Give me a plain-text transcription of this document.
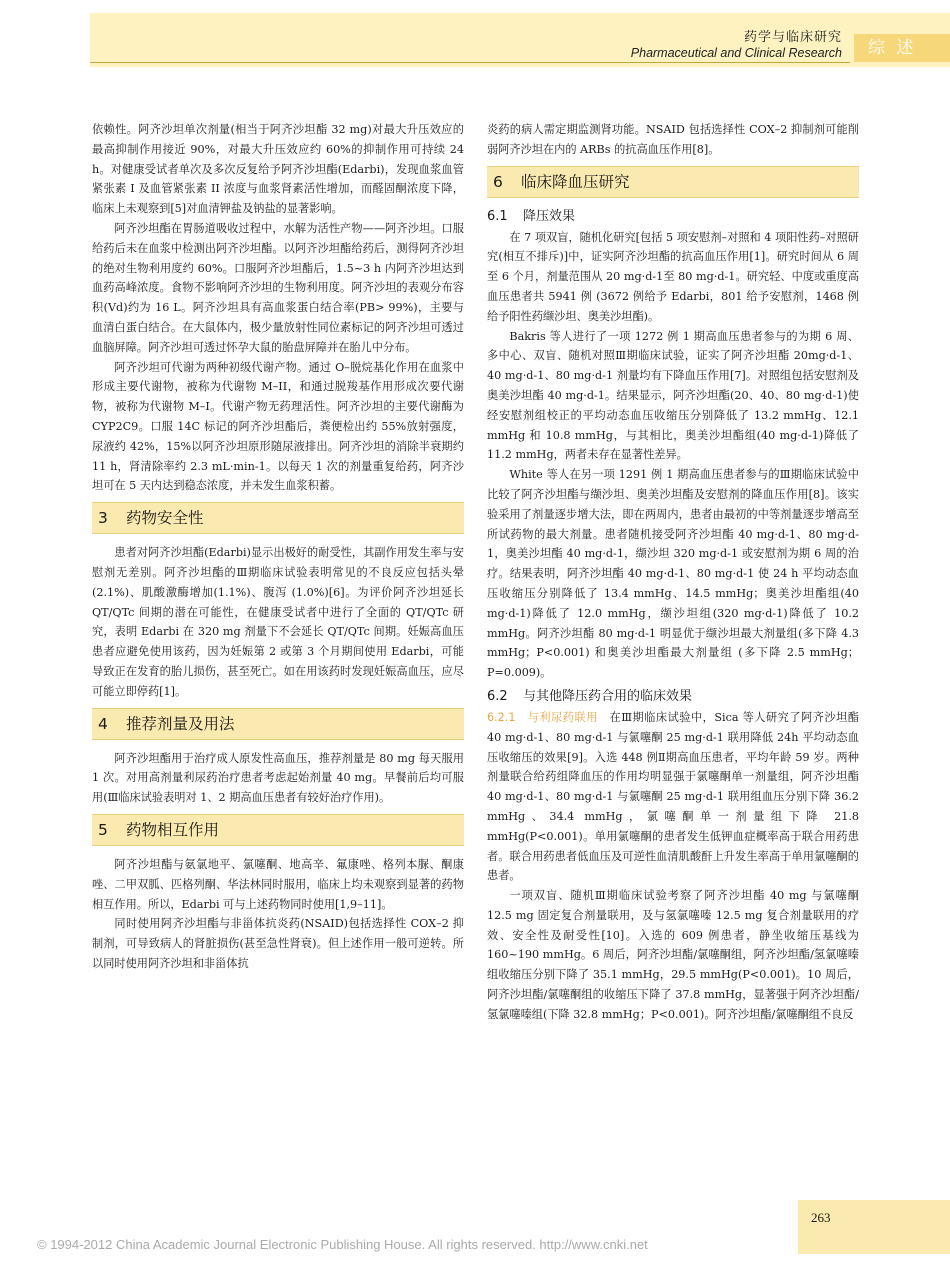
药学与临床研究
Pharmaceutical and Clinical Research	综 述

依赖性。阿齐沙坦单次剂量(相当于阿齐沙坦酯 32 mg)对最大升压效应的最高抑制作用接近 90%，对最大升压效应约 60%的抑制作用可持续 24 h。对健康受试者单次及多次反复给予阿齐沙坦酯(Edarbi)，发现血浆血管紧张素 I 及血管紧张素 II 浓度与血浆肾素活性增加，而醛固酮浓度下降，临床上未观察到[5]对血清钾盐及钠盐的显著影响。

阿齐沙坦酯在胃肠道吸收过程中，水解为活性产物——阿齐沙坦。口服给药后未在血浆中检测出阿齐沙坦酯。以阿齐沙坦酯给药后，测得阿齐沙坦的绝对生物利用度约 60%。口服阿齐沙坦酯后，1.5~3 h 内阿齐沙坦达到血药高峰浓度。食物不影响阿齐沙坦的生物利用度。阿齐沙坦的表观分布容积(Vd)约为 16 L。阿齐沙坦具有高血浆蛋白结合率(PB> 99%)，主要与血清白蛋白结合。在大鼠体内，极少量放射性同位素标记的阿齐沙坦可透过血脑屏障。阿齐沙坦可透过怀孕大鼠的胎盘屏障并在胎儿中分布。

阿齐沙坦可代谢为两种初级代谢产物。通过 O–脱烷基化作用在血浆中形成主要代谢物，被称为代谢物 M–II，和通过脱羧基作用形成次要代谢物，被称为代谢物 M–I。代谢产物无药理活性。阿齐沙坦的主要代谢酶为 CYP2C9。口服 14C 标记的阿齐沙坦酯后，粪便检出约 55%放射强度，尿液约 42%，15%以阿齐沙坦原形随尿液排出。阿齐沙坦的消除半衰期约 11 h，肾清除率约 2.3 mL·min-1。以每天 1 次的剂量重复给药，阿齐沙坦可在 5 天内达到稳态浓度，并未发生血浆积蓄。

3 药物安全性

患者对阿齐沙坦酯(Edarbi)显示出极好的耐受性，其副作用发生率与安慰剂无差别。阿齐沙坦酯的Ⅲ期临床试验表明常见的不良反应包括头晕(2.1%)、肌酸激酶增加(1.1%)、腹泻 (1.0%)[6]。为评价阿齐沙坦延长 QT/QTc 间期的潜在可能性，在健康受试者中进行了全面的 QT/QTc 研究，表明 Edarbi 在 320 mg 剂量下不会延长 QT/QTc 间期。妊娠高血压患者应避免使用该药，因为妊娠第 2 或第 3 个月期间使用 Edarbi，可能导致正在发育的胎儿损伤，甚至死亡。如在用该药时发现妊娠高血压，应尽可能立即停药[1]。

4 推荐剂量及用法

阿齐沙坦酯用于治疗成人原发性高血压，推荐剂量是 80 mg 每天服用 1 次。对用高剂量利尿药治疗患者考虑起始剂量 40 mg。早餐前后均可服用(Ⅲ临床试验表明对 1、2 期高血压患者有较好治疗作用)。

5 药物相互作用

阿齐沙坦酯与氨氯地平、氯噻酮、地高辛、氟康唑、格列本脲、酮康唑、二甲双胍、匹格列酮、华法林同时服用，临床上均未观察到显著的药物相互作用。所以，Edarbi 可与上述药物同时使用[1,9–11]。

同时使用阿齐沙坦酯与非甾体抗炎药(NSAID)包括选择性 COX–2 抑制剂，可导致病人的肾脏损伤(甚至急性肾衰)。但上述作用一般可逆转。所以同时使用阿齐沙坦和非甾体抗

炎药的病人需定期监测肾功能。NSAID 包括选择性 COX–2 抑制剂可能削弱阿齐沙坦在内的 ARBs 的抗高血压作用[8]。

6 临床降血压研究
6.1 降压效果

在 7 项双盲，随机化研究[包括 5 项安慰剂–对照和 4 项阳性药–对照研究(相互不排斥)]中，证实阿齐沙坦酯的抗高血压作用[1]。研究时间从 6 周至 6 个月，剂量范围从 20 mg·d-1至 80 mg·d-1。研究轻、中度或重度高血压患者共 5941 例 (3672 例给予 Edarbi，801 给予安慰剂，1468 例给予阳性药缬沙坦、奥美沙坦酯)。

Bakris 等人进行了一项 1272 例 1 期高血压患者参与的为期 6 周、多中心、双盲、随机对照Ⅲ期临床试验，证实了阿齐沙坦酯 20mg·d-1、40 mg·d-1、80 mg·d-1 剂量均有下降血压作用[7]。对照组包括安慰剂及奥美沙坦酯 40 mg·d-1。结果显示，阿齐沙坦酯(20、40、80 mg·d-1)使经安慰剂组校正的平均动态血压收缩压分别降低了 13.2 mmHg、12.1 mmHg 和 10.8 mmHg，与其相比，奥美沙坦酯组(40 mg·d-1)降低了 11.2 mmHg，两者未存在显著性差异。

White 等人在另一项 1291 例 1 期高血压患者参与的Ⅲ期临床试验中比较了阿齐沙坦酯与缬沙坦、奥美沙坦酯及安慰剂的降血压作用[8]。该实验采用了剂量逐步增大法，即在两周内，患者由最初的中等剂量逐步增高至所试药物的最大剂量。患者随机接受阿齐沙坦酯 40 mg·d-1、80 mg·d-1，奥美沙坦酯 40 mg·d-1，缬沙坦 320 mg·d-1 或安慰剂为期 6 周的治疗。结果表明，阿齐沙坦酯 40 mg·d-1、80 mg·d-1 使 24 h 平均动态血压收缩压分别降低了 13.4 mmHg、14.5 mmHg；奥美沙坦酯组(40 mg·d-1)降低了 12.0 mmHg，缬沙坦组(320 mg·d-1)降低了 10.2 mmHg。阿齐沙坦酯 80 mg·d-1 明显优于缬沙坦最大剂量组(多下降 4.3 mmHg；P<0.001) 和奥美沙坦酯最大剂量组 (多下降 2.5 mmHg；P=0.009)。

6.2 与其他降压药合用的临床效果

6.2.1　与利尿药联用　 在Ⅲ期临床试验中，Sica 等人研究了阿齐沙坦酯 40 mg·d-1、80 mg·d-1 与氯噻酮 25 mg·d-1 联用降低 24h 平均动态血压收缩压的效果[9]。入选 448 例Ⅱ期高血压患者，平均年龄 59 岁。两种剂量联合给药组降血压的作用均明显强于氯噻酮单一剂量组，阿齐沙坦酯 40 mg·d-1、80 mg·d-1 与氯噻酮 25 mg·d-1 联用组血压分别下降 36.2 mmHg、34.4 mmHg，氯噻酮单一剂量组下降 21.8 mmHg(P<0.001)。单用氯噻酮的患者发生低钾血症概率高于联合用药患者。联合用药患者低血压及可逆性血清肌酸酐上升发生率高于单用氯噻酮的患者。

一项双盲、随机Ⅲ期临床试验考察了阿齐沙坦酯 40 mg 与氯噻酮 12.5 mg 固定复合剂量联用，及与氢氯噻嗪 12.5 mg 复合剂量联用的疗效、安全性及耐受性[10]。入选的 609 例患者，静坐收缩压基线为160~190 mmHg。6 周后，阿齐沙坦酯/氯噻酮组，阿齐沙坦酯/氢氯噻嗪组收缩压分别下降了 35.1 mmHg，29.5 mmHg(P<0.001)。10 周后，阿齐沙坦酯/氯噻酮组的收缩压下降了 37.8 mmHg，显著强于阿齐沙坦酯/氢氯噻嗪组(下降 32.8 mmHg；P<0.001)。阿齐沙坦酯/氯噻酮组不良反

263
© 1994-2012 China Academic Journal Electronic Publishing House. All rights reserved. http://www.cnki.net
